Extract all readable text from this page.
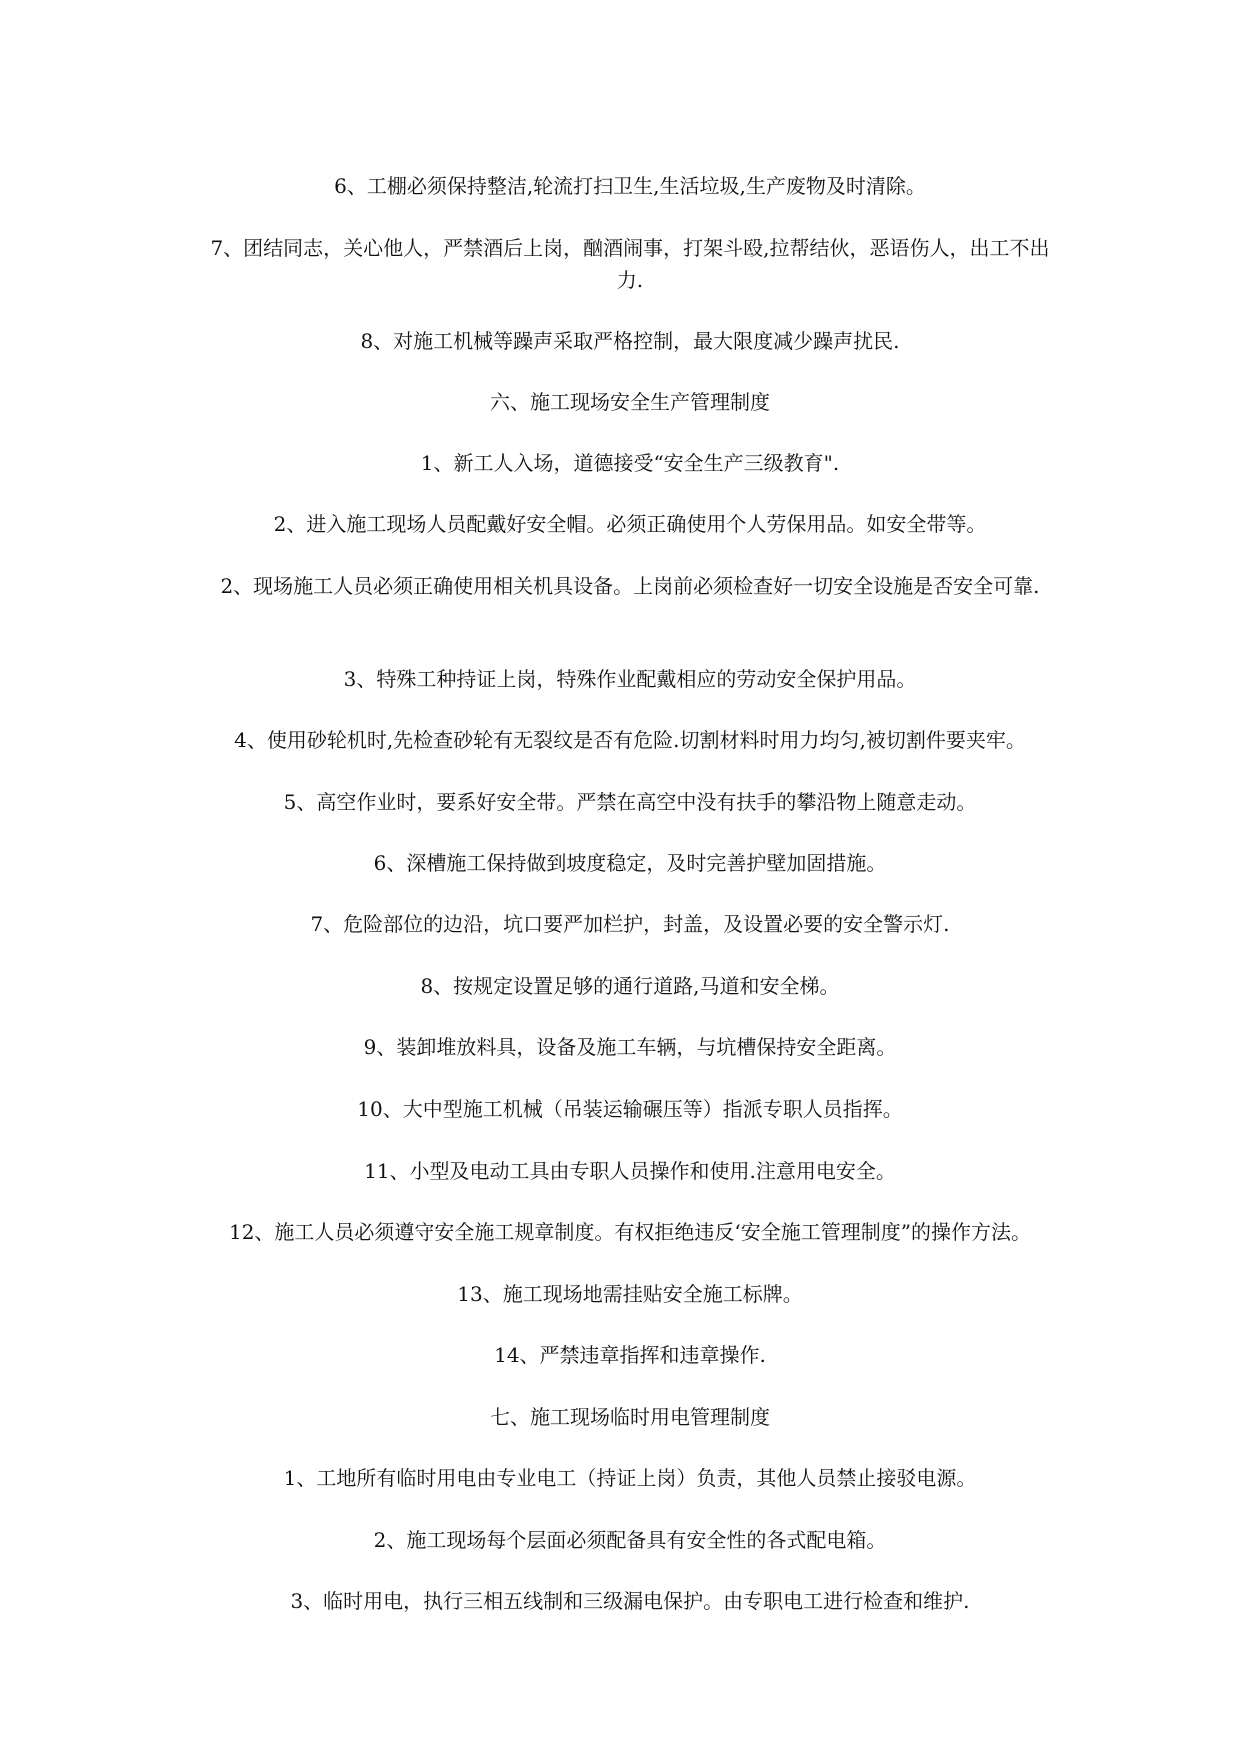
6、工棚必须保持整洁,轮流打扫卫生,生活垃圾,生产废物及时清除。

7、团结同志，关心他人，严禁酒后上岗，酗酒闹事，打架斗殴,拉帮结伙，恶语伤人，出工不出力.

8、对施工机械等躁声采取严格控制，最大限度减少躁声扰民.

六、施工现场安全生产管理制度

1、新工人入场，道德接受“安全生产三级教育".

2、进入施工现场人员配戴好安全帽。必须正确使用个人劳保用品。如安全带等。

2、现场施工人员必须正确使用相关机具设备。上岗前必须检查好一切安全设施是否安全可靠.

3、特殊工种持证上岗，特殊作业配戴相应的劳动安全保护用品。

4、使用砂轮机时,先检查砂轮有无裂纹是否有危险.切割材料时用力均匀,被切割件要夹牢。

5、高空作业时，要系好安全带。严禁在高空中没有扶手的攀沿物上随意走动。

6、深槽施工保持做到坡度稳定，及时完善护壁加固措施。

7、危险部位的边沿，坑口要严加栏护，封盖，及设置必要的安全警示灯.

8、按规定设置足够的通行道路,马道和安全梯。

9、装卸堆放料具，设备及施工车辆，与坑槽保持安全距离。

10、大中型施工机械（吊装运输碾压等）指派专职人员指挥。

11、小型及电动工具由专职人员操作和使用.注意用电安全。

12、施工人员必须遵守安全施工规章制度。有权拒绝违反‘安全施工管理制度”的操作方法。

13、施工现场地需挂贴安全施工标牌。

14、严禁违章指挥和违章操作.

七、施工现场临时用电管理制度

1、工地所有临时用电由专业电工（持证上岗）负责，其他人员禁止接驳电源。

2、施工现场每个层面必须配备具有安全性的各式配电箱。

3、临时用电，执行三相五线制和三级漏电保护。由专职电工进行检查和维护.
